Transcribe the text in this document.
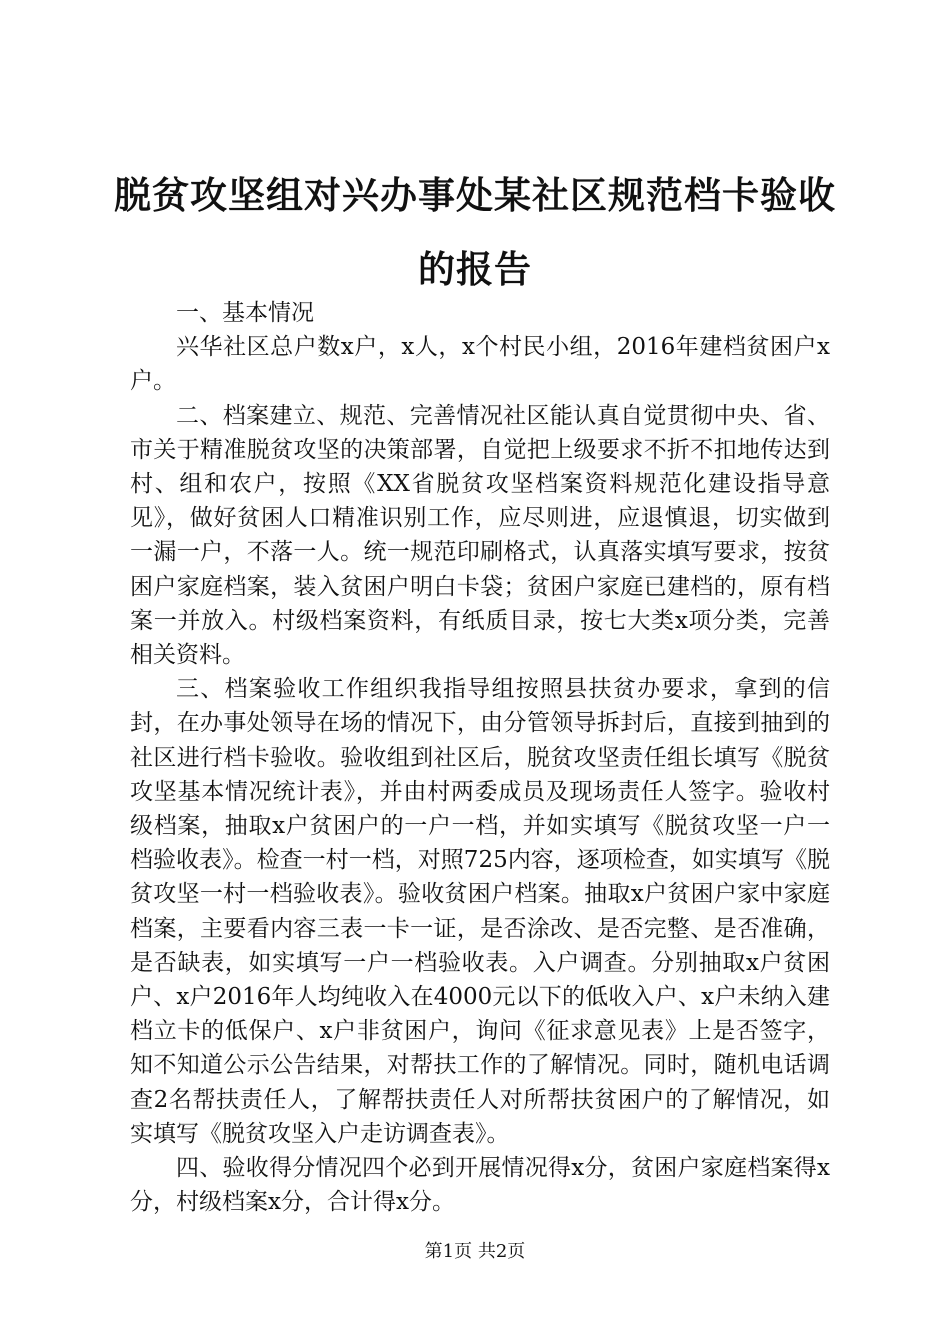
脱贫攻坚组对兴办事处某社区规范档卡验收的报告

一、基本情况

兴华社区总户数x户，x人，x个村民小组，2016年建档贫困户x户。

二、档案建立、规范、完善情况社区能认真自觉贯彻中央、省、市关于精准脱贫攻坚的决策部署，自觉把上级要求不折不扣地传达到村、组和农户，按照《XX省脱贫攻坚档案资料规范化建设指导意见》，做好贫困人口精准识别工作，应尽则进，应退慎退，切实做到一漏一户，不落一人。统一规范印刷格式，认真落实填写要求，按贫困户家庭档案，装入贫困户明白卡袋；贫困户家庭已建档的，原有档案一并放入。村级档案资料，有纸质目录，按七大类x项分类，完善相关资料。

三、档案验收工作组织我指导组按照县扶贫办要求，拿到的信封，在办事处领导在场的情况下，由分管领导拆封后，直接到抽到的社区进行档卡验收。验收组到社区后，脱贫攻坚责任组长填写《脱贫攻坚基本情况统计表》，并由村两委成员及现场责任人签字。验收村级档案，抽取x户贫困户的一户一档，并如实填写《脱贫攻坚一户一档验收表》。检查一村一档，对照725内容，逐项检查，如实填写《脱贫攻坚一村一档验收表》。验收贫困户档案。抽取x户贫困户家中家庭档案，主要看内容三表一卡一证，是否涂改、是否完整、是否准确，是否缺表，如实填写一户一档验收表。入户调查。分别抽取x户贫困户、x户2016年人均纯收入在4000元以下的低收入户、x户未纳入建档立卡的低保户、x户非贫困户，询问《征求意见表》上是否签字，知不知道公示公告结果，对帮扶工作的了解情况。同时，随机电话调查2名帮扶责任人，了解帮扶责任人对所帮扶贫困户的了解情况，如实填写《脱贫攻坚入户走访调查表》。

四、验收得分情况四个必到开展情况得x分，贫困户家庭档案得x分，村级档案x分，合计得x分。

第1页 共2页
